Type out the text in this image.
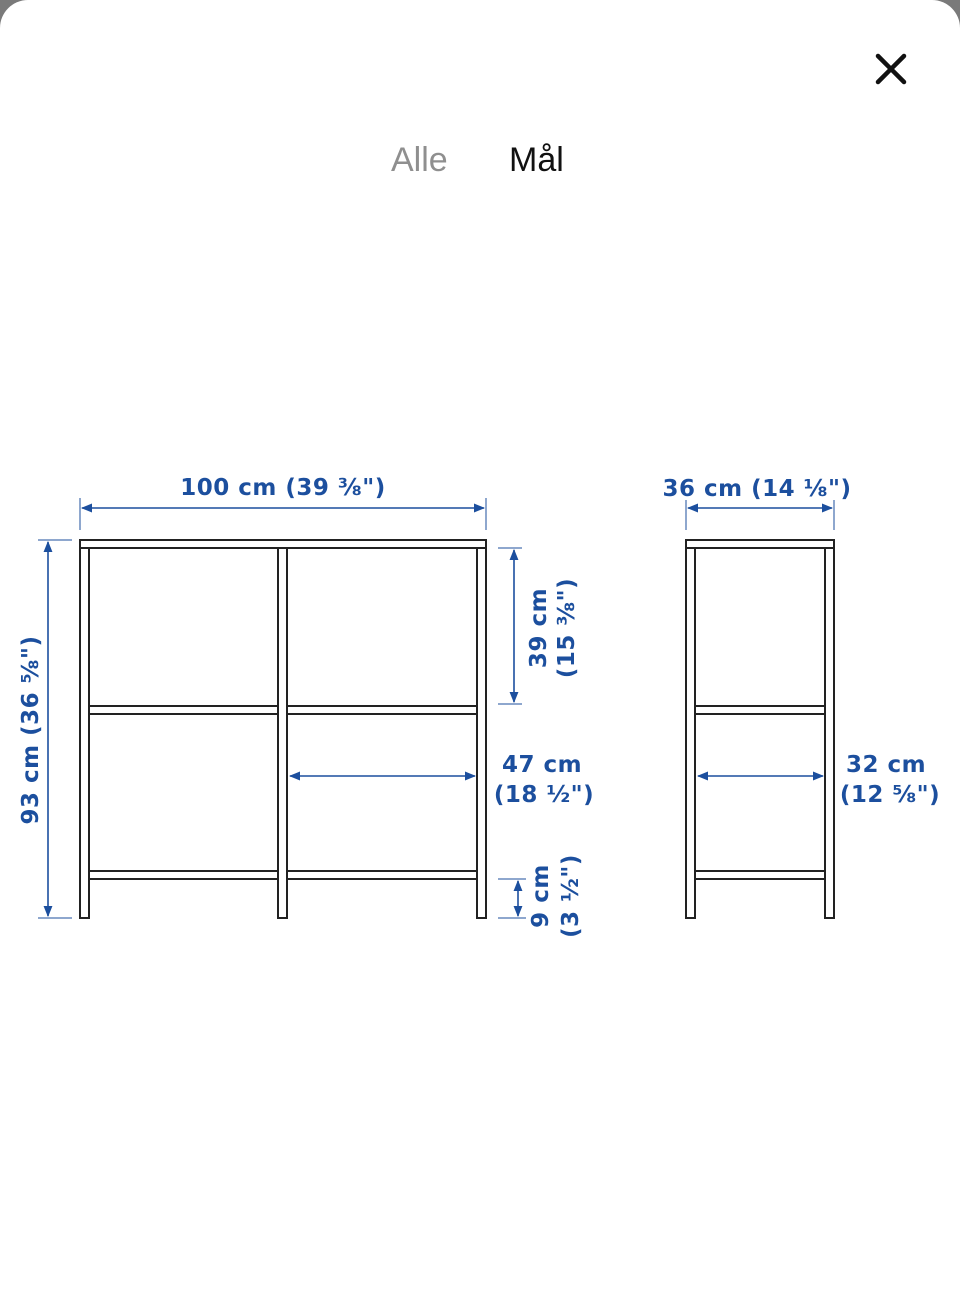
Alle Mål
100 cm (39 ⅜")
93 cm (36 ⅝")
39 cm (15 ⅜")
47 cm
(18 ½")
9 cm (3 ½")
36 cm (14 ⅛")
32 cm
(12 ⅝")
